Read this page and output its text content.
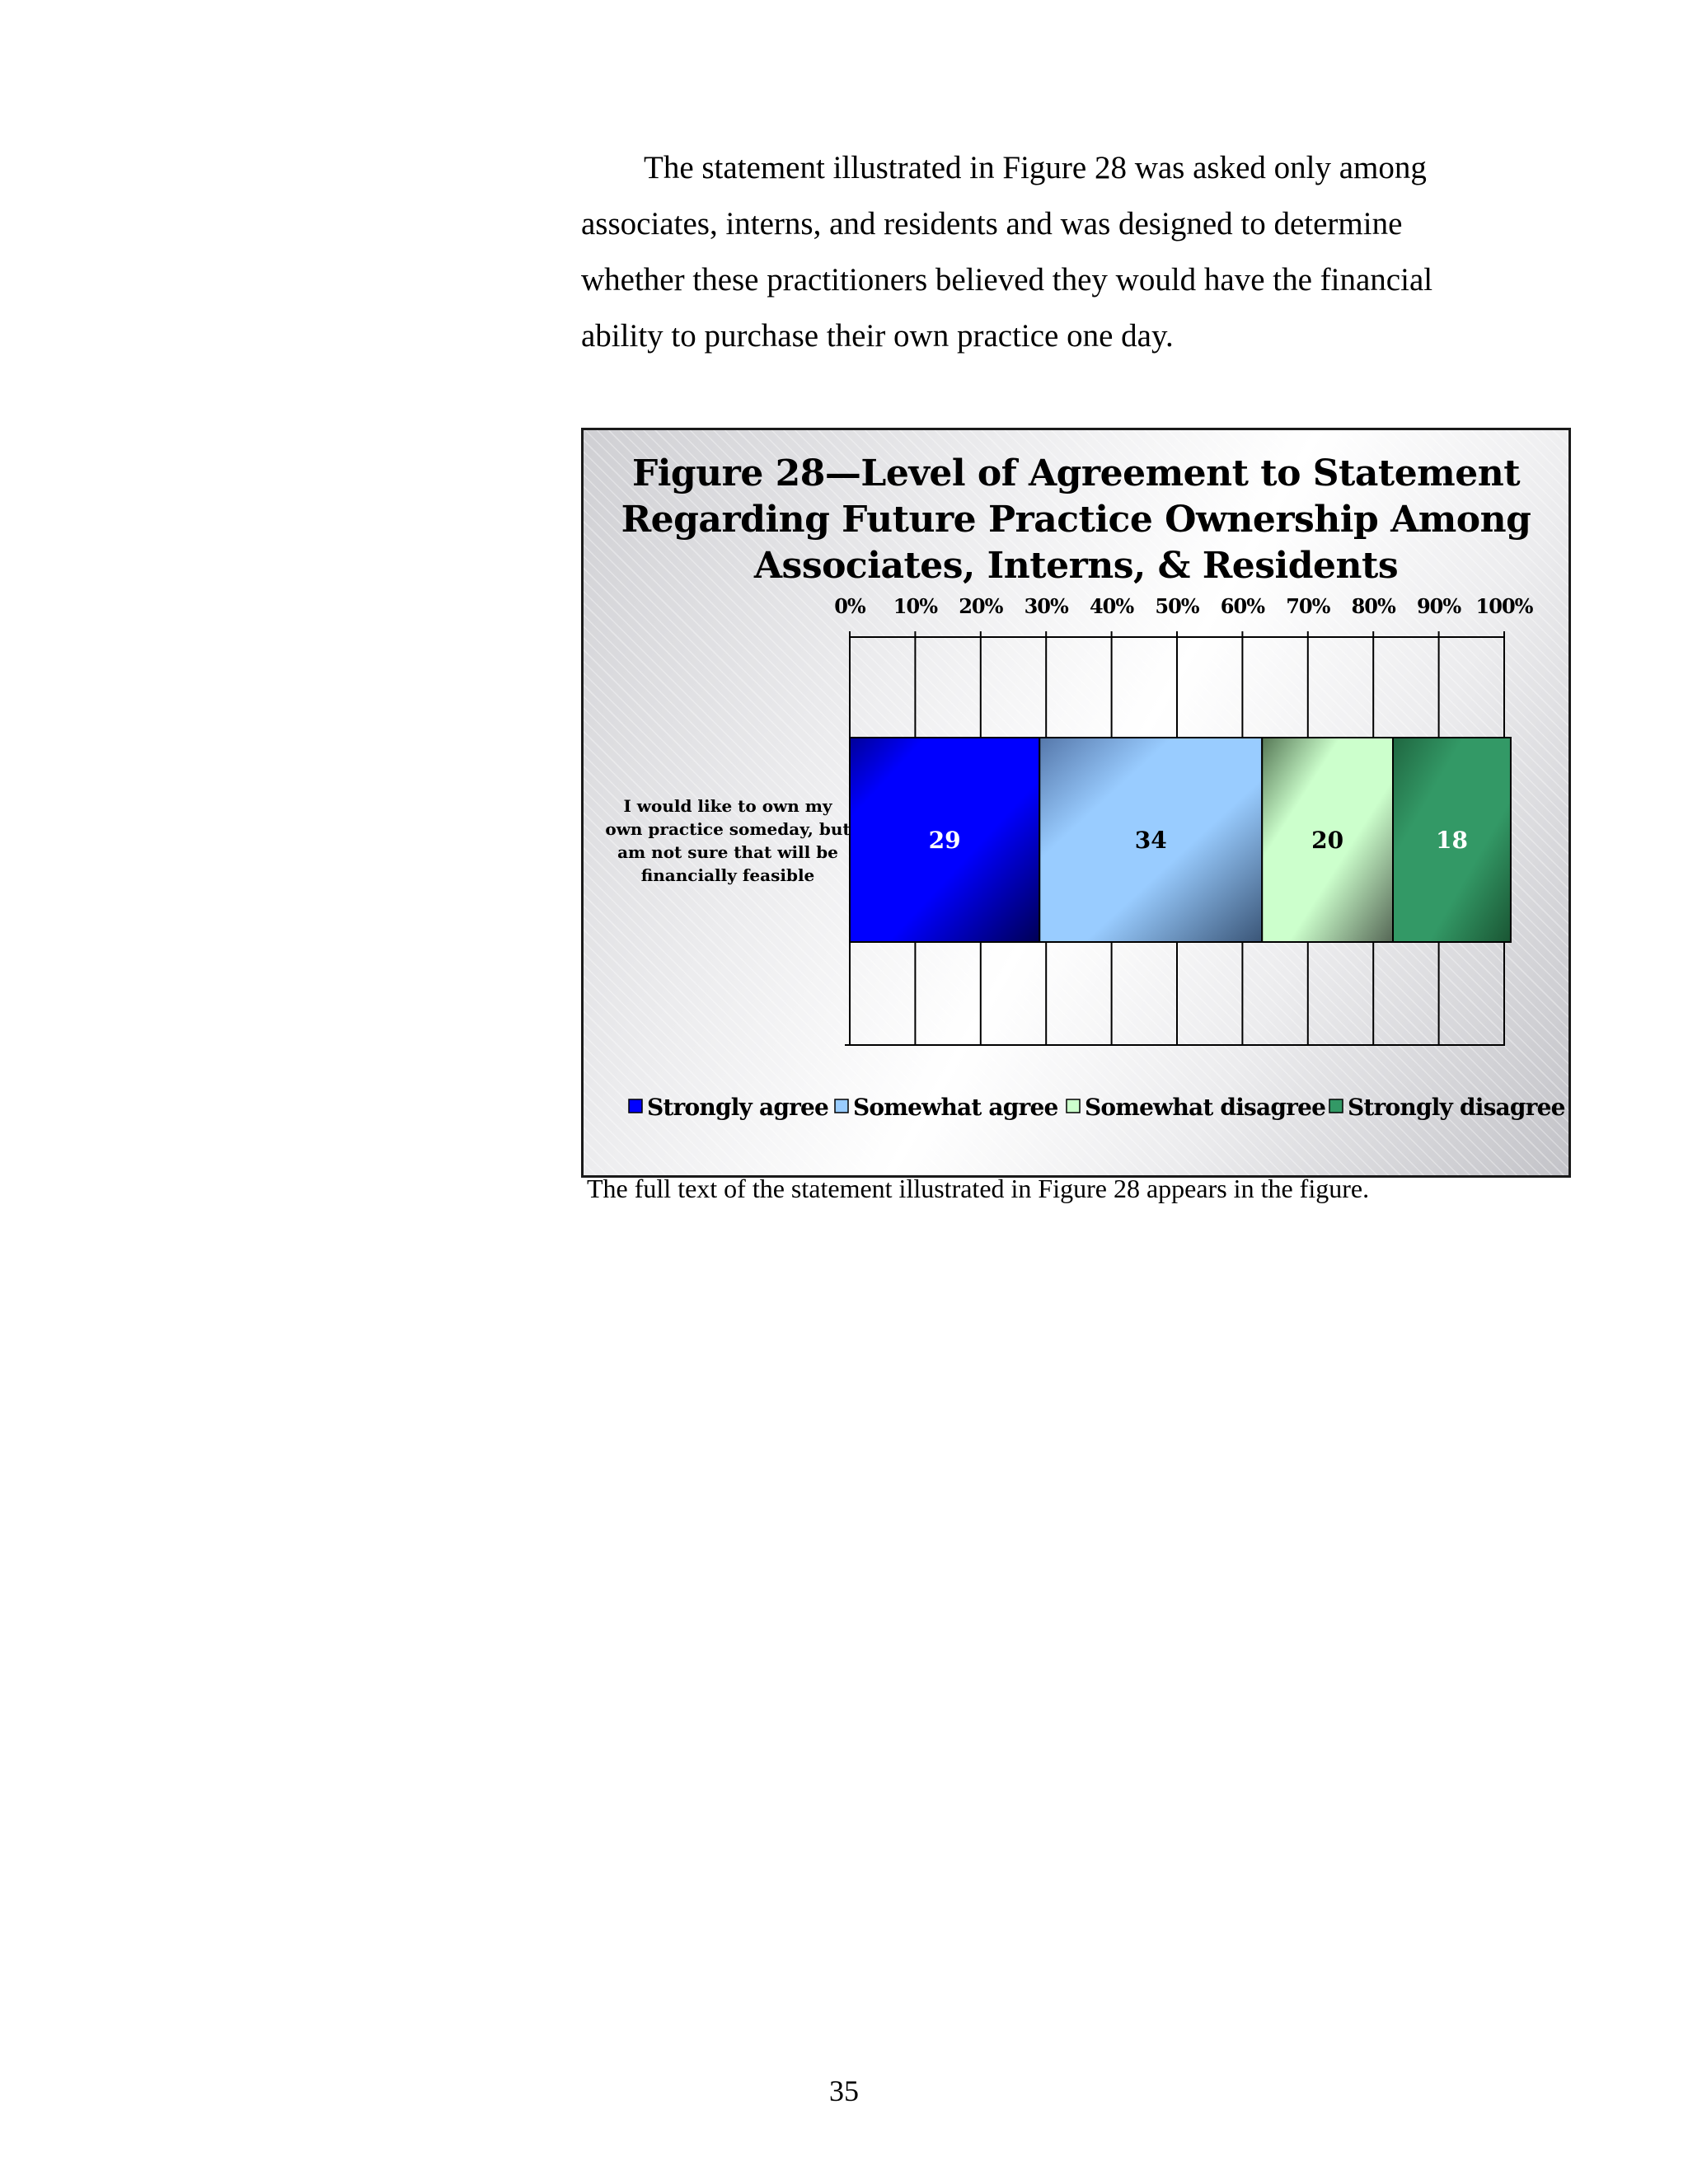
The statement illustrated in Figure 28 was asked only among associates, interns, and residents and was designed to determine whether these practitioners believed they would have the financial ability to purchase their own practice one day.

Figure 28—Level of Agreement to Statement Regarding Future Practice Ownership Among Associates, Interns, & Residents
29	34	20	18
0% 10% 20% 30% 40% 50% 60% 70% 80% 90% 100%
I would like to own my
own practice someday, but
am not sure that will be
financially feasible
Strongly agree Somewhat agree Somewhat disagree Strongly disagree

The full text of the statement illustrated in Figure 28 appears in the figure.

35
